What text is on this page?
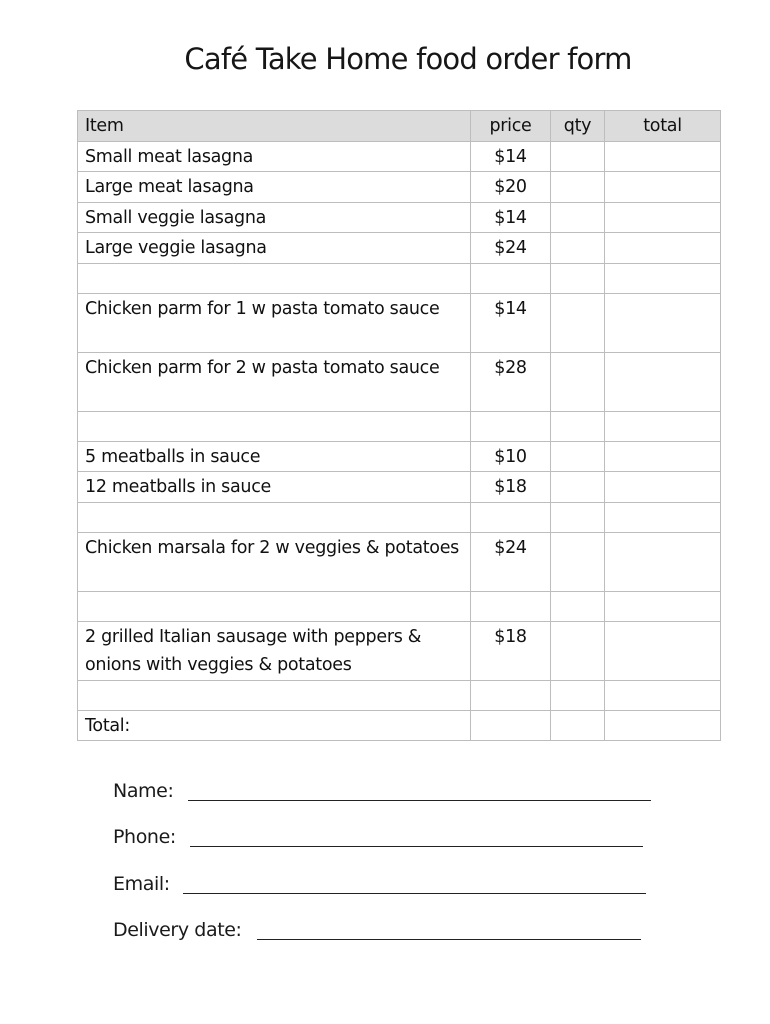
Café Take Home food order form
Item	price	qty	total
Small meat lasagna	$14		
Large meat lasagna	$20		
Small veggie lasagna	$14		
Large veggie lasagna	$24		

Chicken parm for 1 w pasta tomato sauce	$14		
Chicken parm for 2 w pasta tomato sauce	$28		

5 meatballs in sauce	$10		
12 meatballs in sauce	$18		

Chicken marsala for 2 w veggies & potatoes	$24		

2 grilled Italian sausage with peppers & onions with veggies & potatoes	$18		

Total:			
Name:
Phone:
Email:
Delivery date:
